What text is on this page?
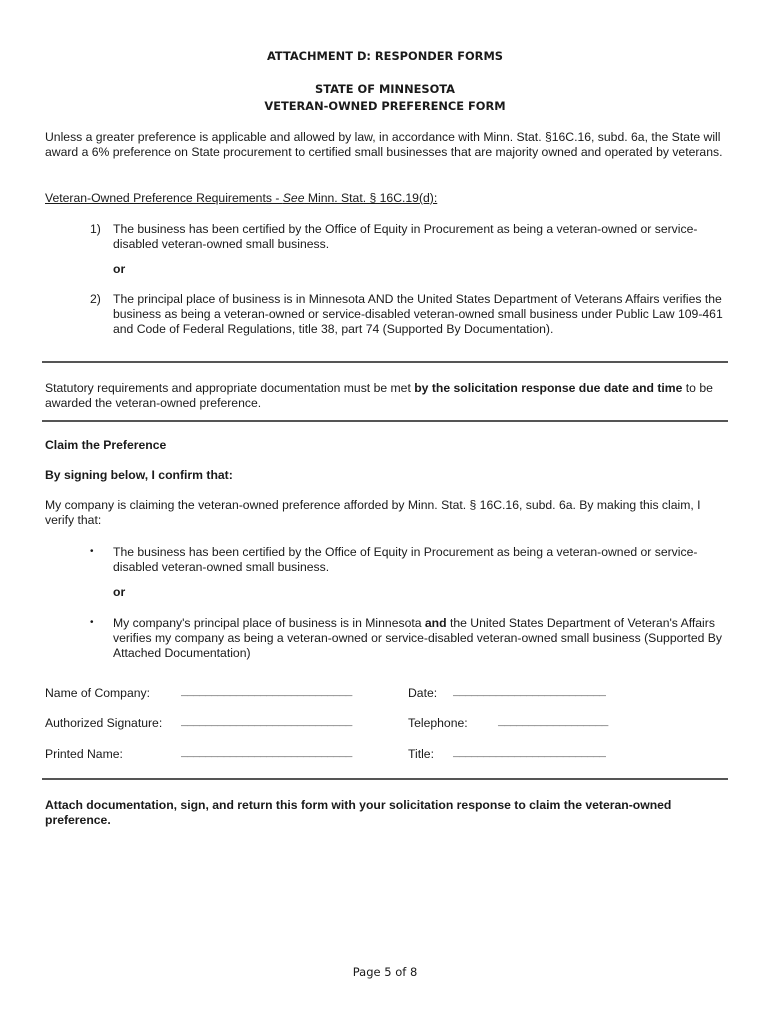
ATTACHMENT D: RESPONDER FORMS
STATE OF MINNESOTA
VETERAN-OWNED PREFERENCE FORM
Unless a greater preference is applicable and allowed by law, in accordance with Minn. Stat. §16C.16, subd. 6a, the State will award a 6% preference on State procurement to certified small businesses that are majority owned and operated by veterans.
Veteran-Owned Preference Requirements - See Minn. Stat. § 16C.19(d):
1) The business has been certified by the Office of Equity in Procurement as being a veteran-owned or service-disabled veteran-owned small business.
or
2) The principal place of business is in Minnesota AND the United States Department of Veterans Affairs verifies the business as being a veteran-owned or service-disabled veteran-owned small business under Public Law 109-461 and Code of Federal Regulations, title 38, part 74 (Supported By Documentation).
Statutory requirements and appropriate documentation must be met by the solicitation response due date and time to be awarded the veteran-owned preference.
Claim the Preference
By signing below, I confirm that:
My company is claiming the veteran-owned preference afforded by Minn. Stat. § 16C.16, subd. 6a. By making this claim, I verify that:
• The business has been certified by the Office of Equity in Procurement as being a veteran-owned or service-disabled veteran-owned small business.
or
• My company's principal place of business is in Minnesota and the United States Department of Veteran's Affairs verifies my company as being a veteran-owned or service-disabled veteran-owned small business (Supported By Attached Documentation)
Name of Company:	____________________________	Date: _________________________
Authorized Signature: ____________________________	Telephone:	__________________
Printed Name:	____________________________	Title: _________________________
Attach documentation, sign, and return this form with your solicitation response to claim the veteran-owned preference.
Page 5 of 8
